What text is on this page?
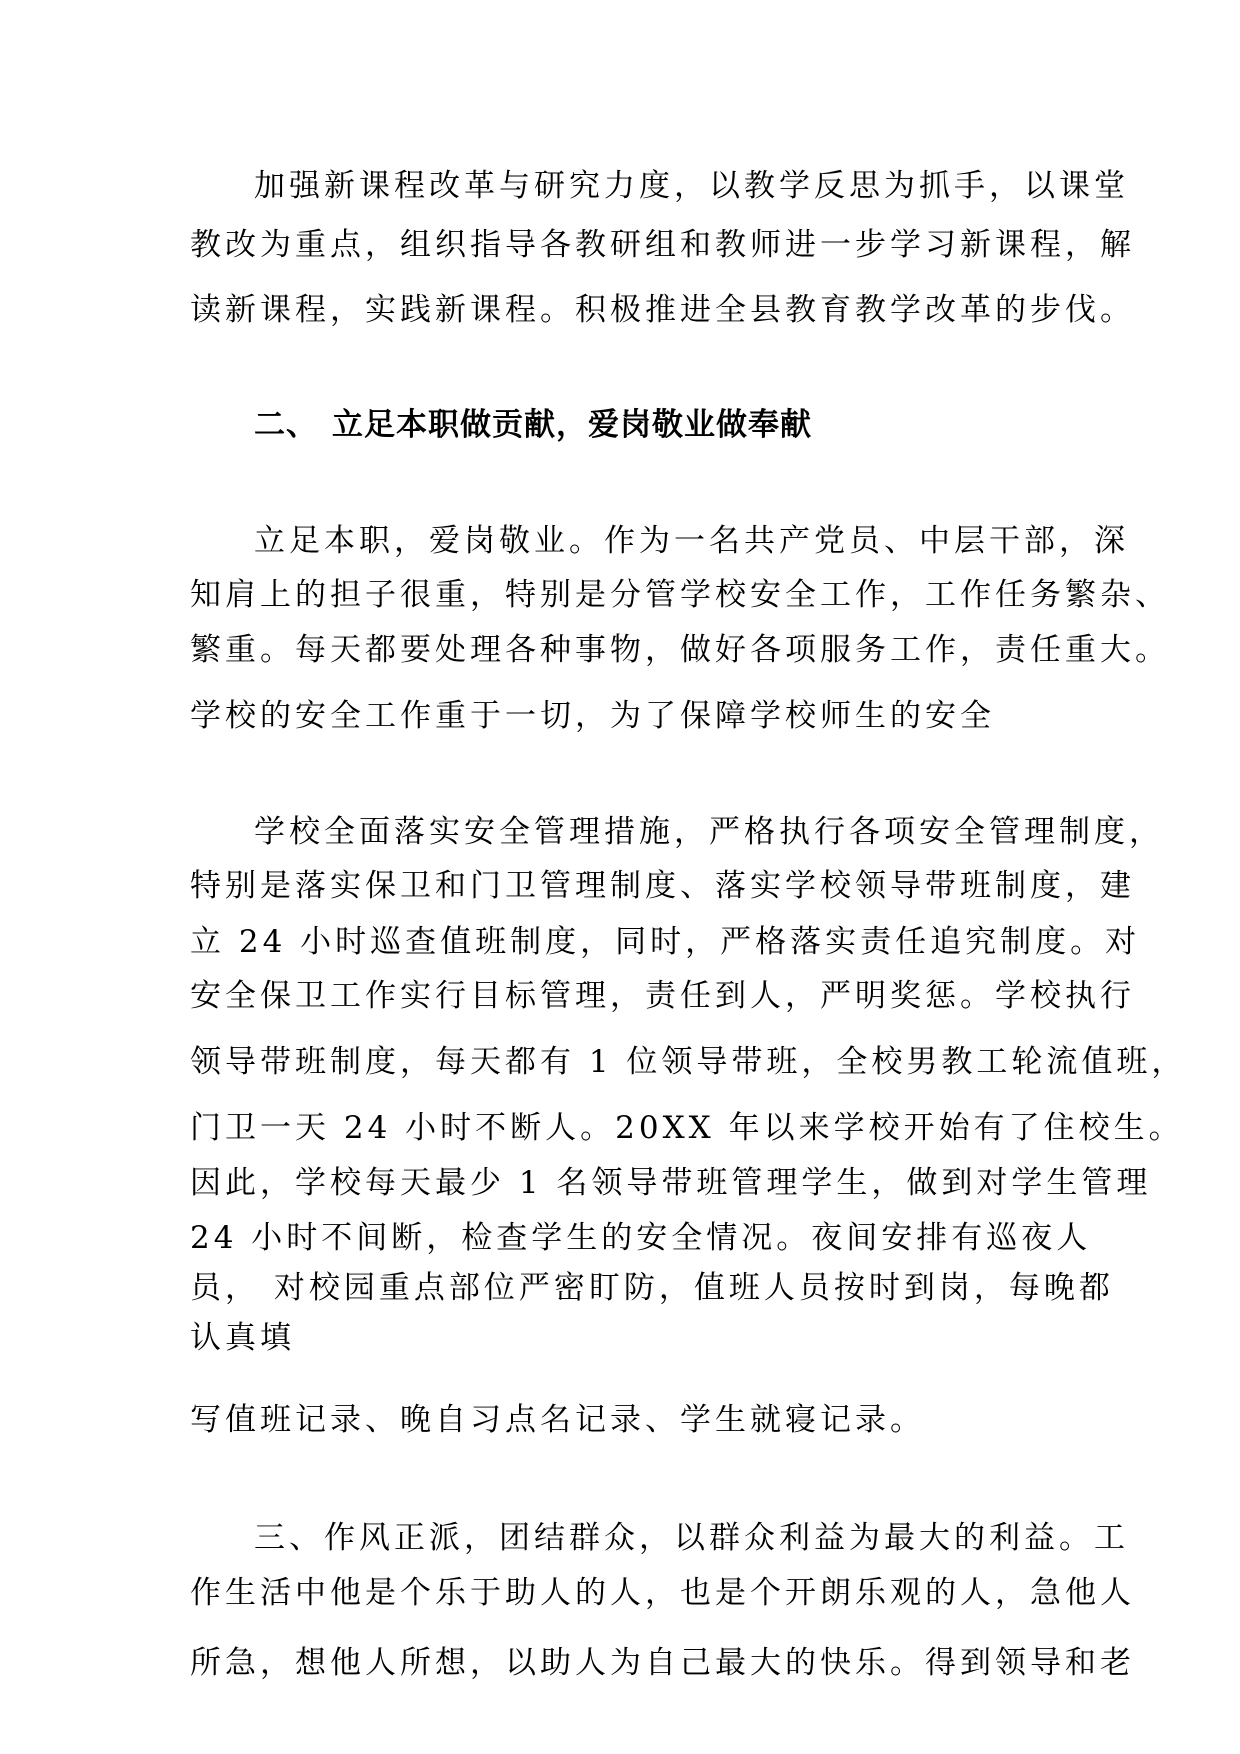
加强新课程改革与研究力度，以教学反思为抓手，以课堂

教改为重点，组织指导各教研组和教师进一步学习新课程，解

读新课程，实践新课程。积极推进全县教育教学改革的步伐。

二、 立足本职做贡献，爱岗敬业做奉献

立足本职，爱岗敬业。作为一名共产党员、中层干部，深

知肩上的担子很重，特别是分管学校安全工作，工作任务繁杂、

繁重。每天都要处理各种事物，做好各项服务工作，责任重大。

学校的安全工作重于一切，为了保障学校师生的安全

学校全面落实安全管理措施，严格执行各项安全管理制度，

特别是落实保卫和门卫管理制度、落实学校领导带班制度，建

立 24 小时巡查值班制度，同时，严格落实责任追究制度。对

安全保卫工作实行目标管理，责任到人，严明奖惩。学校执行

领导带班制度，每天都有 1 位领导带班，全校男教工轮流值班，

门卫一天 24 小时不断人。20XX 年以来学校开始有了住校生。

因此，学校每天最少 1 名领导带班管理学生，做到对学生管理

24 小时不间断，检查学生的安全情况。夜间安排有巡夜人

员， 对校园重点部位严密盯防，值班人员按时到岗，每晚都

认真填

写值班记录、晚自习点名记录、学生就寝记录。

三、作风正派，团结群众，以群众利益为最大的利益。工

作生活中他是个乐于助人的人，也是个开朗乐观的人，急他人

所急，想他人所想，以助人为自己最大的快乐。得到领导和老
